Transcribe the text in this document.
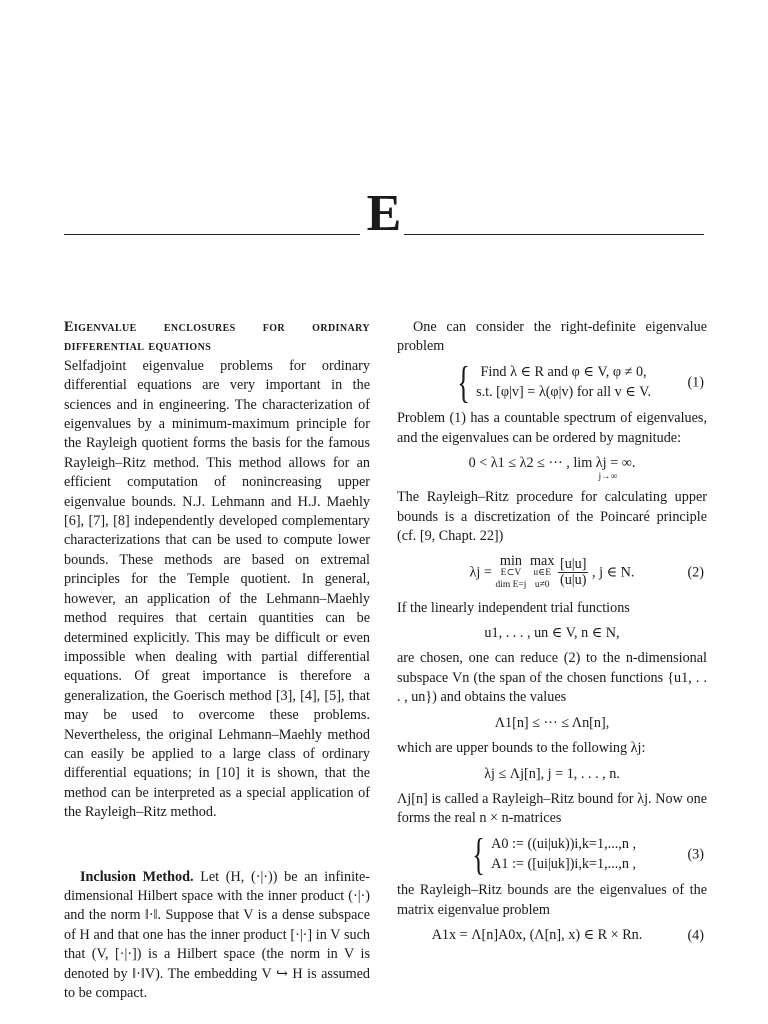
E

Eigenvalue enclosures for ordinary differential equations

Selfadjoint eigenvalue problems for ordinary differential equations are very important in the sciences and in engineering. The characterization of eigenvalues by a minimum-maximum principle for the Rayleigh quotient forms the basis for the famous Rayleigh–Ritz method. This method allows for an efficient computation of nonincreasing upper eigenvalue bounds. N.J. Lehmann and H.J. Maehly [6], [7], [8] independently developed complementary characterizations that can be used to compute lower bounds. These methods are based on extremal principles for the Temple quotient. In general, however, an application of the Lehmann–Maehly method requires that certain quantities can be determined explicitly. This may be difficult or even impossible when dealing with partial differential equations. Of great importance is therefore a generalization, the Goerisch method [3], [4], [5], that may be used to overcome these problems. Nevertheless, the original Lehmann–Maehly method can easily be applied to a large class of ordinary differential equations; in [10] it is shown, that the method can be interpreted as a special application of the Rayleigh–Ritz method.

Inclusion Method. Let (H, (·|·)) be an infinite-dimensional Hilbert space with the inner product (·|·) and the norm ‖·‖. Suppose that V is a dense subspace of H and that one has the inner product [·|·] in V such that (V, [·|·]) is a Hilbert space (the norm in V is denoted by ‖·‖V). The embedding V ↪ H is assumed to be compact.

One can consider the right-definite eigenvalue problem

{ Find λ ∈ R and φ ∈ V, φ ≠ 0,
s.t. [φ|v] = λ(φ|v) for all v ∈ V.
(1)

Problem (1) has a countable spectrum of eigenvalues, and the eigenvalues can be ordered by magnitude:

0 < λ1 ≤ λ2 ≤ ··· , lim λj = ∞.
j→∞

The Rayleigh–Ritz procedure for calculating upper bounds is a discretization of the Poincaré principle (cf. [9, Chapt. 22])

λj = min
E⊂V
dim E=j
max
u∈E
u≠0
$\frac{[u|u]}{(u|u)}$ , j ∈ N.	(2)

If the linearly independent trial functions

u1, . . . , un ∈ V, n ∈ N,

are chosen, one can reduce (2) to the n-dimensional subspace Vn (the span of the chosen functions {u1, . . . , un}) and obtains the values

Λ1[n] ≤ ··· ≤ Λn[n],

which are upper bounds to the following λj:

λj ≤ Λj[n], j = 1, . . . , n.

Λj[n] is called a Rayleigh–Ritz bound for λj. Now one forms the real n × n-matrices

{ A0 := ((ui|uk))i,k=1,...,n ,
A1 := ([ui|uk])i,k=1,...,n ,
(3)

the Rayleigh–Ritz bounds are the eigenvalues of the matrix eigenvalue problem

A1x = Λ[n]A0x, (Λ[n], x) ∈ R × Rn.	(4)
